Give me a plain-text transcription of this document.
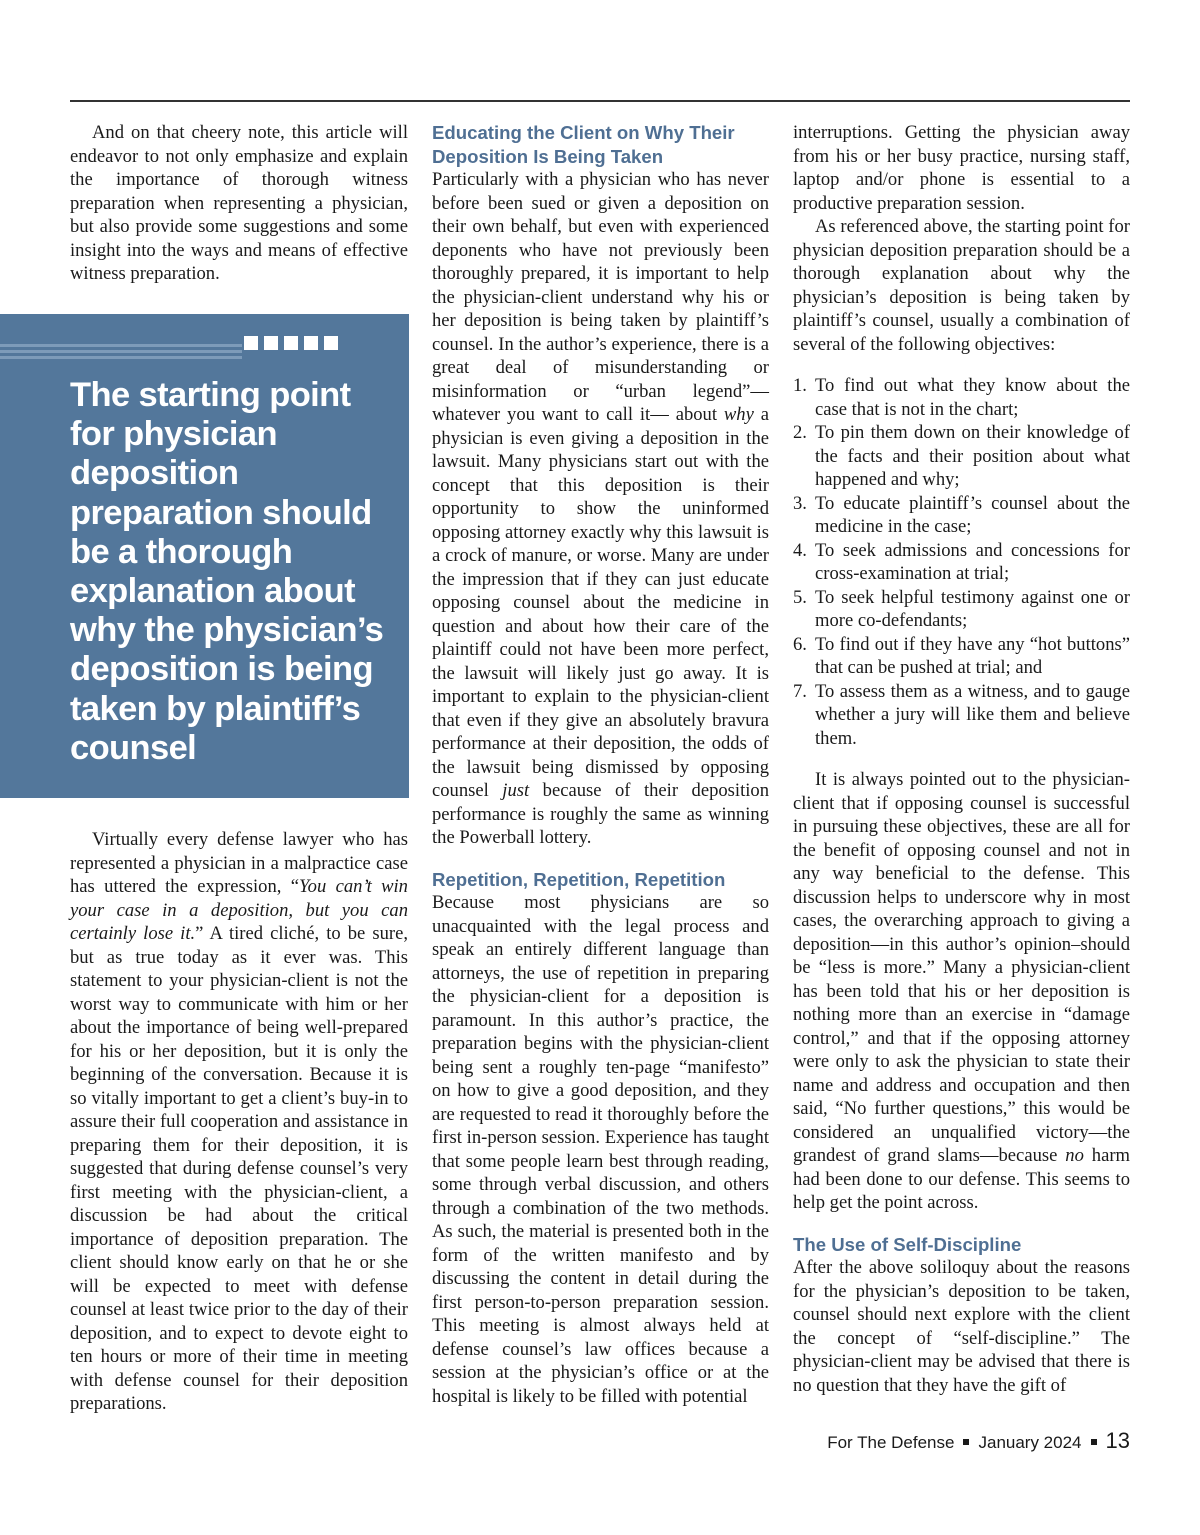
And on that cheery note, this article will endeavor to not only emphasize and explain the importance of thorough witness preparation when representing a physician, but also provide some suggestions and some insight into the ways and means of effective witness preparation.

The starting point for physician deposition preparation should be a thorough explanation about why the physician’s deposition is being taken by plaintiff’s counsel

Virtually every defense lawyer who has represented a physician in a malpractice case has uttered the expression, “You can’t win your case in a deposition, but you can certainly lose it.” A tired cliché, to be sure, but as true today as it ever was. This statement to your physician-client is not the worst way to communicate with him or her about the importance of being well-prepared for his or her deposition, but it is only the beginning of the conversation. Because it is so vitally important to get a client’s buy-in to assure their full cooperation and assistance in preparing them for their deposition, it is suggested that during defense counsel’s very first meeting with the physician-client, a discussion be had about the critical importance of deposition preparation. The client should know early on that he or she will be expected to meet with defense counsel at least twice prior to the day of their deposition, and to expect to devote eight to ten hours or more of their time in meeting with defense counsel for their deposition preparations.

Educating the Client on Why Their Deposition Is Being Taken

Particularly with a physician who has never before been sued or given a deposition on their own behalf, but even with experienced deponents who have not previously been thoroughly prepared, it is important to help the physician-client understand why his or her deposition is being taken by plaintiff’s counsel. In the author’s experience, there is a great deal of misunderstanding or misinformation or “urban legend”— whatever you want to call it— about why a physician is even giving a deposition in the lawsuit. Many physicians start out with the concept that this deposition is their opportunity to show the uninformed opposing attorney exactly why this lawsuit is a crock of manure, or worse. Many are under the impression that if they can just educate opposing counsel about the medicine in question and about how their care of the plaintiff could not have been more perfect, the lawsuit will likely just go away. It is important to explain to the physician-client that even if they give an absolutely bravura performance at their deposition, the odds of the lawsuit being dismissed by opposing counsel just because of their deposition performance is roughly the same as winning the Powerball lottery.

Repetition, Repetition, Repetition

Because most physicians are so unacquainted with the legal process and speak an entirely different language than attorneys, the use of repetition in preparing the physician-client for a deposition is paramount. In this author’s practice, the preparation begins with the physician-client being sent a roughly ten-page “manifesto” on how to give a good deposition, and they are requested to read it thoroughly before the first in-person session. Experience has taught that some people learn best through reading, some through verbal discussion, and others through a combination of the two methods. As such, the material is presented both in the form of the written manifesto and by discussing the content in detail during the first person-to-person preparation session. This meeting is almost always held at defense counsel’s law offices because a session at the physician’s office or at the hospital is likely to be filled with potential

interruptions. Getting the physician away from his or her busy practice, nursing staff, laptop and/or phone is essential to a productive preparation session.

As referenced above, the starting point for physician deposition preparation should be a thorough explanation about why the physician’s deposition is being taken by plaintiff’s counsel, usually a combination of several of the following objectives:

1. To find out what they know about the case that is not in the chart;
2. To pin them down on their knowledge of the facts and their position about what happened and why;
3. To educate plaintiff’s counsel about the medicine in the case;
4. To seek admissions and concessions for cross-examination at trial;
5. To seek helpful testimony against one or more co-defendants;
6. To find out if they have any “hot buttons” that can be pushed at trial; and
7. To assess them as a witness, and to gauge whether a jury will like them and believe them.

It is always pointed out to the physician-client that if opposing counsel is successful in pursuing these objectives, these are all for the benefit of opposing counsel and not in any way beneficial to the defense. This discussion helps to underscore why in most cases, the overarching approach to giving a deposition—in this author’s opinion–should be “less is more.” Many a physician-client has been told that his or her deposition is nothing more than an exercise in “damage control,” and that if the opposing attorney were only to ask the physician to state their name and address and occupation and then said, “No further questions,” this would be considered an unqualified victory—the grandest of grand slams—because no harm had been done to our defense. This seems to help get the point across.

The Use of Self-Discipline

After the above soliloquy about the reasons for the physician’s deposition to be taken, counsel should next explore with the client the concept of “self-discipline.” The physician-client may be advised that there is no question that they have the gift of

For The Defense January 2024 13
